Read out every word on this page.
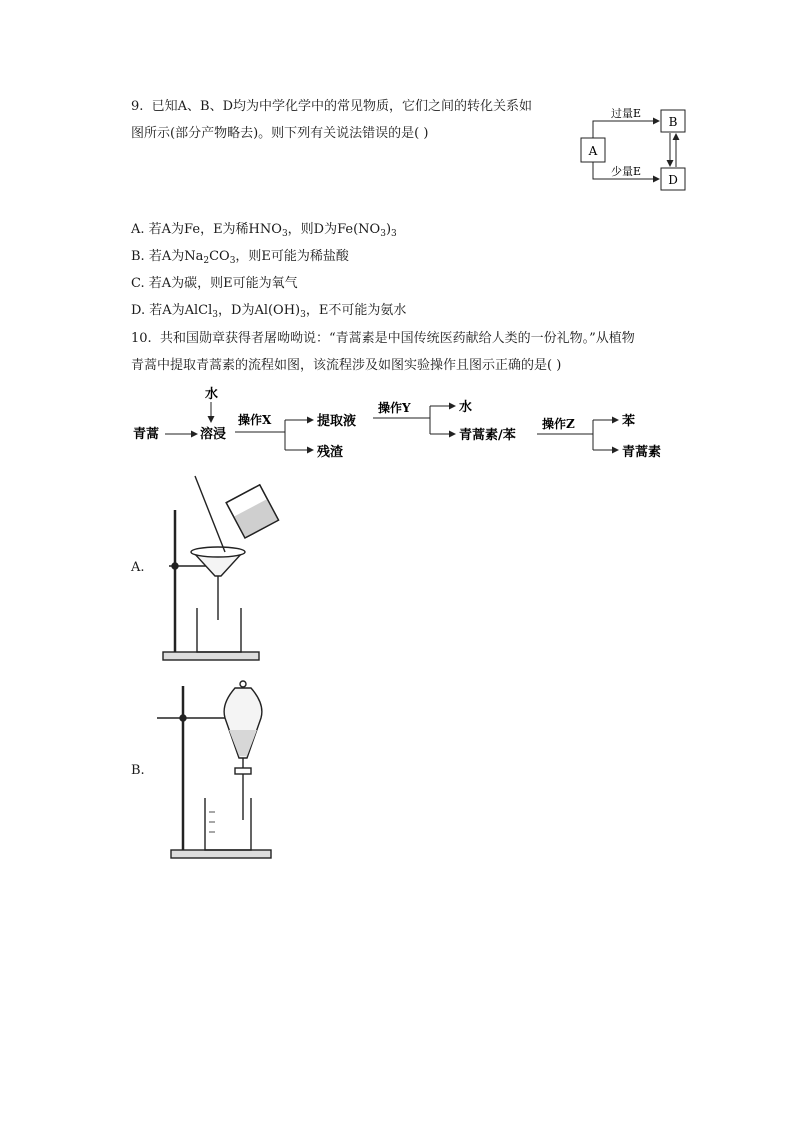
9. 已知A、B、D均为中学化学中的常见物质，它们之间的转化关系如
图所示(部分产物略去)。则下列有关说法错误的是( )
A
B
D
过量E
少量E
A. 若A为Fe，E为稀$HNO_3$，则D为$Fe(NO_3)_3$
B. 若A为$Na_2CO_3$，则E可能为稀盐酸
C. 若A为碳，则E可能为氧气
D. 若A为AlCl$_3$，D为$Al(OH)_3$，E不可能为氨水
10. 共和国勋章获得者屠呦呦说：“青蒿素是中国传统医药献给人类的一份礼物。”从植物
青蒿中提取青蒿素的流程如图，该流程涉及如图实验操作且图示正确的是( )
青蒿
水
溶浸
操作X	提取液
残渣
操作Y	水
青蒿素/苯
操作Z	苯
青蒿素
A.
B.
